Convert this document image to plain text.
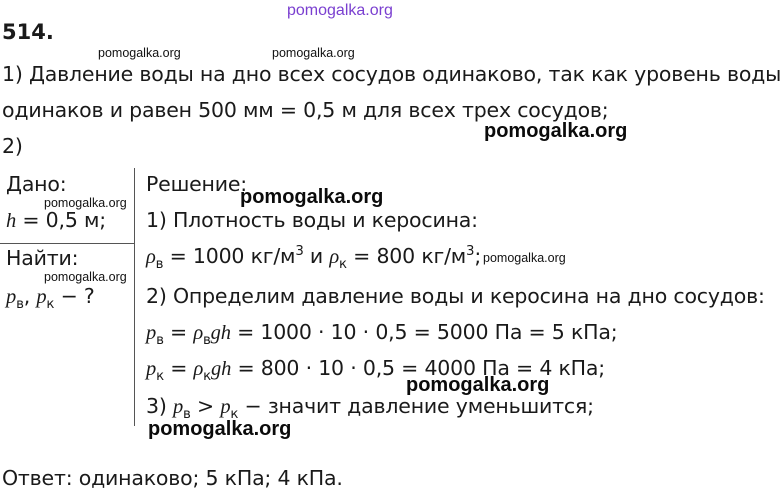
pomogalka.org
514.
pomogalka.org	pomogalka.org
1) Давление воды на дно всех сосудов одинаково, так как уровень воды
одинаков и равен 500 мм = 0,5 м для всех трех сосудов;
pomogalka.org
2)
Дано:
pomogalka.org
h = 0,5 м;
Найти:
pomogalka.org
$p_в$, $p_к$ − ?
Решение:
pomogalka.org
1) Плотность воды и керосина:
$\rho_в = 1000$ $кг/м^3$ и $\rho_к = 800$ $кг/м^3$; pomogalka.org
2) Определим давление воды и керосина на дно сосудов:
$p_в = \rho_вgh = 1000 \cdot 10 \cdot 0,5 = 5000$ Па = 5 кПа;
$p_к = \rho_кgh = 800 \cdot 10 \cdot 0,5 = 4000$ Па = 4 кПа;
pomogalka.org
3) $p_в > p_к$ − значит давление уменьшится;
pomogalka.org
Ответ: одинаково; 5 кПа; 4 кПа.
